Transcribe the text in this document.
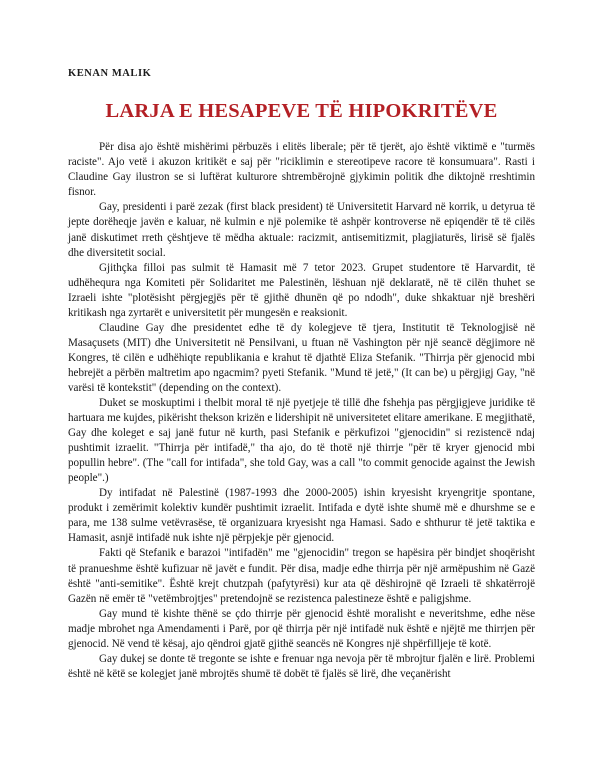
KENAN MALIK
LARJA E HESAPEVE TË HIPOKRITËVE

Për disa ajo është mishërimi përbuzës i elitës liberale; për të tjerët, ajo është viktimë e "turmës raciste". Ajo vetë i akuzon kritikët e saj për "riciklimin e stereotipeve racore të konsumuara". Rasti i Claudine Gay ilustron se si luftërat kulturore shtrembërojnë gjykimin politik dhe diktojnë rreshtimin fisnor.

Gay, presidenti i parë zezak (first black president) të Universitetit Harvard në korrik, u detyrua të jepte dorëheqje javën e kaluar, në kulmin e një polemike të ashpër kontroverse në epiqendër të të cilës janë diskutimet rreth çështjeve të mëdha aktuale: racizmit, antisemitizmit, plagjiaturës, lirisë së fjalës dhe diversitetit social.

Gjithçka filloi pas sulmit të Hamasit më 7 tetor 2023. Grupet studentore të Harvardit, të udhëhequra nga Komiteti për Solidaritet me Palestinën, lëshuan një deklaratë, në të cilën thuhet se Izraeli ishte "plotësisht përgjegjës për të gjithë dhunën që po ndodh", duke shkaktuar një breshëri kritikash nga zyrtarët e universitetit për mungesën e reaksionit.

Claudine Gay dhe presidentet edhe të dy kolegjeve të tjera, Institutit të Teknologjisë në Masaçusets (MIT) dhe Universitetit në Pensilvani, u ftuan në Vashington për një seancë dëgjimore në Kongres, të cilën e udhëhiqte republikania e krahut të djathtë Eliza Stefanik. "Thirrja për gjenocid mbi hebrejët a përbën maltretim apo ngacmim? pyeti Stefanik. "Mund të jetë," (It can be) u përgjigj Gay, "në varësi të kontekstit" (depending on the context).

Duket se moskuptimi i thelbit moral të një pyetjeje të tillë dhe fshehja pas përgjigjeve juridike të hartuara me kujdes, pikërisht thekson krizën e lidershipit në universitetet elitare amerikane. E megjithatë, Gay dhe koleget e saj janë futur në kurth, pasi Stefanik e përkufizoi "gjenocidin" si rezistencë ndaj pushtimit izraelit. "Thirrja për intifadë," tha ajo, do të thotë një thirrje "për të kryer gjenocid mbi popullin hebre". (The "call for intifada", she told Gay, was a call "to commit genocide against the Jewish people".)

Dy intifadat në Palestinë (1987-1993 dhe 2000-2005) ishin kryesisht kryengritje spontane, produkt i zemërimit kolektiv kundër pushtimit izraelit. Intifada e dytë ishte shumë më e dhurshme se e para, me 138 sulme vetëvrasëse, të organizuara kryesisht nga Hamasi. Sado e shthurur të jetë taktika e Hamasit, asnjë intifadë nuk ishte një përpjekje për gjenocid.

Fakti që Stefanik e barazoi "intifadën" me "gjenocidin" tregon se hapësira për bindjet shoqërisht të pranueshme është kufizuar në javët e fundit. Për disa, madje edhe thirrja për një armëpushim në Gazë është "anti-semitike". Është krejt chutzpah (pafytyrësi) kur ata që dëshirojnë që Izraeli të shkatërrojë Gazën në emër të "vetëmbrojtjes" pretendojnë se rezistenca palestineze është e paligjshme.

Gay mund të kishte thënë se çdo thirrje për gjenocid është moralisht e neveritshme, edhe nëse madje mbrohet nga Amendamenti i Parë, por që thirrja për një intifadë nuk është e njëjtë me thirrjen për gjenocid. Në vend të kësaj, ajo qëndroi gjatë gjithë seancës në Kongres një shpërfilljeje të kotë.

Gay dukej se donte të tregonte se ishte e frenuar nga nevoja për të mbrojtur fjalën e lirë. Problemi është në këtë se kolegjet janë mbrojtës shumë të dobët të fjalës së lirë, dhe veçanërisht
